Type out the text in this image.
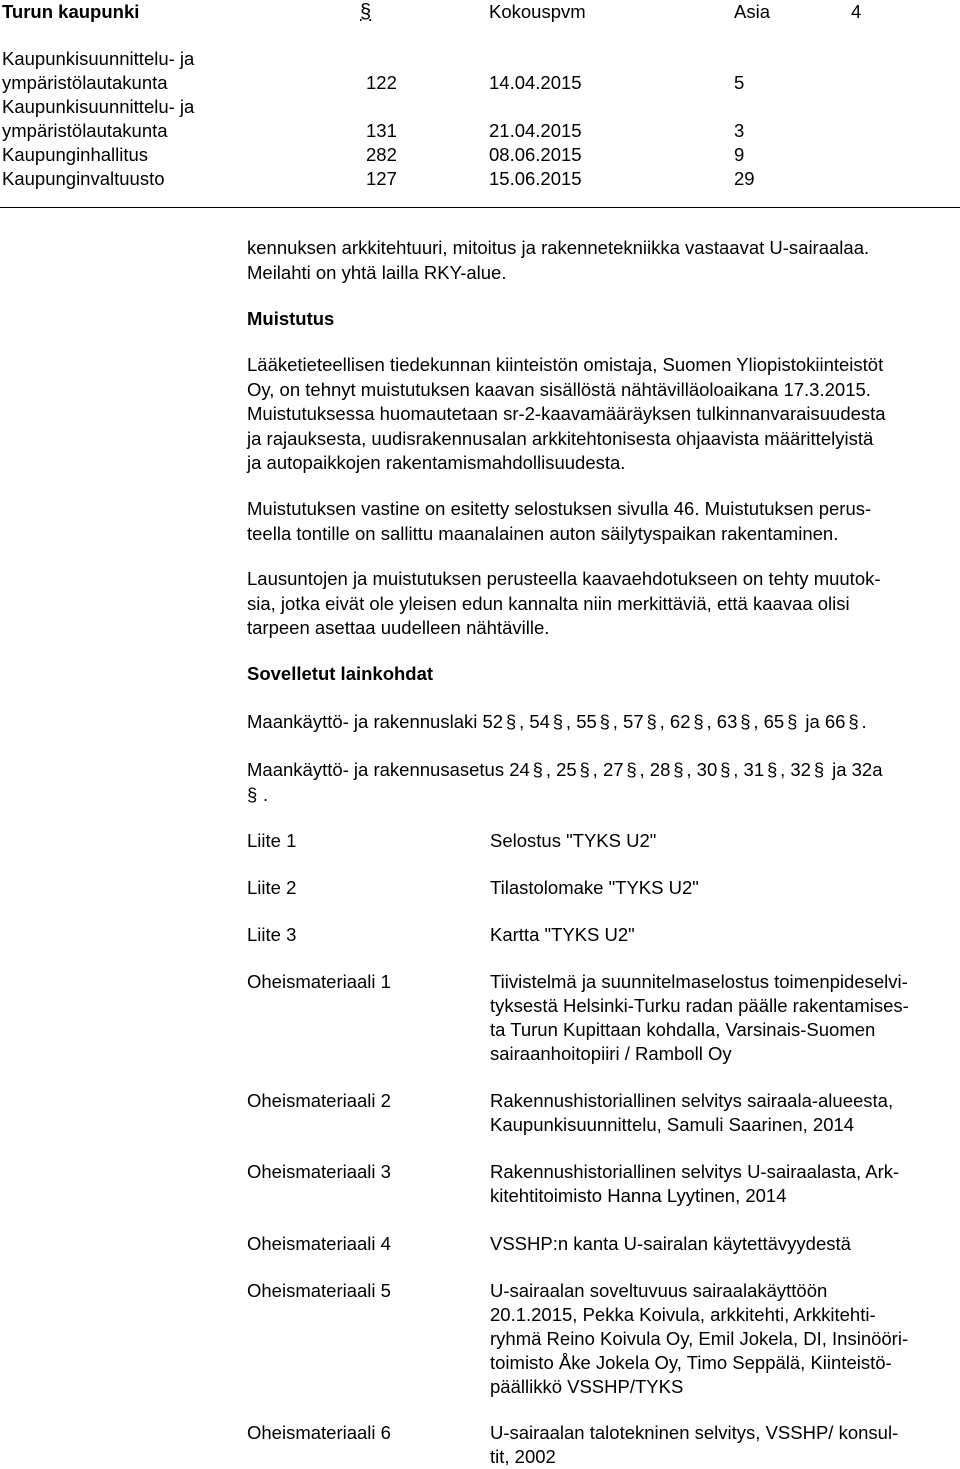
Turun kaupunki	§	Kokouspvm	Asia	4
Kaupunkisuunnittelu- ja ympäristölautakunta	122	14.04.2015	5
Kaupunkisuunnittelu- ja ympäristölautakunta	131	21.04.2015	3
Kaupunginhallitus	282	08.06.2015	9
Kaupunginvaltuusto	127	15.06.2015	29
kennuksen arkkitehtuuri, mitoitus ja rakennetekniikka vastaavat U-sairaalaa.
Meilahti on yhtä lailla RKY-alue.
Muistutus
Lääketieteellisen tiedekunnan kiinteistön omistaja, Suomen Yliopistokiinteistöt
Oy, on tehnyt muistutuksen kaavan sisällöstä nähtävilläoloaikana 17.3.2015.
Muistutuksessa huomautetaan sr-2-kaavamääräyksen tulkinnanvaraisuudesta
ja rajauksesta, uudisrakennusalan arkkitehtonisesta ohjaavista määrittelyistä
ja autopaikkojen rakentamismahdollisuudesta.
Muistutuksen vastine on esitetty selostuksen sivulla 46. Muistutuksen perus-
teella tontille on sallittu maanalainen auton säilytyspaikan rakentaminen.
Lausuntojen ja muistutuksen perusteella kaavaehdotukseen on tehty muutok-
sia, jotka eivät ole yleisen edun kannalta niin merkittäviä, että kaavaa olisi
tarpeen asettaa uudelleen nähtäville.
Sovelletut lainkohdat
Maankäyttö- ja rakennuslaki 52 § , 54 § , 55 § , 57 § , 62 § , 63 § , 65 § ja 66 § .
Maankäyttö- ja rakennusasetus 24 § , 25 § , 27 § , 28 § , 30 § , 31 § , 32 § ja 32a
§ .
Liite 1	Selostus "TYKS U2"
Liite 2	Tilastolomake "TYKS U2"
Liite 3	Kartta "TYKS U2"
Oheismateriaali 1	Tiivistelmä ja suunnitelmaselostus toimenpideselvi-
tyksestä Helsinki-Turku radan päälle rakentamises-
ta Turun Kupittaan kohdalla, Varsinais-Suomen
sairaanhoitopiiri / Ramboll Oy
Oheismateriaali 2	Rakennushistoriallinen selvitys sairaala-alueesta,
Kaupunkisuunnittelu, Samuli Saarinen, 2014
Oheismateriaali 3	Rakennushistoriallinen selvitys U-sairaalasta, Ark-
kitehtitoimisto Hanna Lyytinen, 2014
Oheismateriaali 4	VSSHP:n kanta U-sairalan käytettävyydestä
Oheismateriaali 5	U-sairaalan soveltuvuus sairaalakäyttöön
20.1.2015, Pekka Koivula, arkkitehti, Arkkitehti-
ryhmä Reino Koivula Oy, Emil Jokela, DI, Insinööri-
toimisto Åke Jokela Oy, Timo Seppälä, Kiinteistö-
päällikkö VSSHP/TYKS
Oheismateriaali 6	U-sairaalan talotekninen selvitys, VSSHP/ konsul-
tit, 2002
